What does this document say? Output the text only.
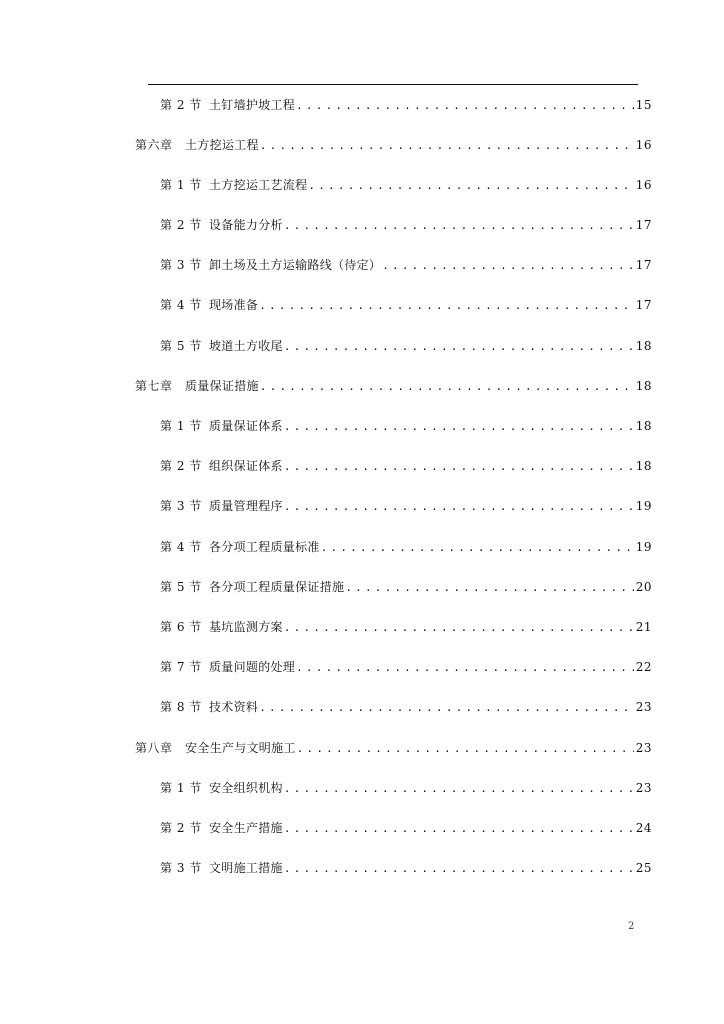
第 2 节 土钉墙护坡工程 .....	15
第六章	土方挖运工程 .....	16
第 1 节 土方挖运工艺流程 .....	16
第 2 节 设备能力分析 .....	17
第 3 节 卸土场及土方运输路线（待定） .....	17
第 4 节 现场准备 .....	17
第 5 节 坡道土方收尾 .....	18
第七章	质量保证措施 .....	18
第 1 节 质量保证体系 .....	18
第 2 节 组织保证体系 .....	18
第 3 节 质量管理程序 .....	19
第 4 节 各分项工程质量标准 .....	19
第 5 节 各分项工程质量保证措施 .....	20
第 6 节 基坑监测方案 .....	21
第 7 节 质量问题的处理 .....	22
第 8 节 技术资料 .....	23
第八章	安全生产与文明施工 .....	23
第 1 节 安全组织机构 .....	23
第 2 节 安全生产措施 .....	24
第 3 节 文明施工措施 .....	25
2
